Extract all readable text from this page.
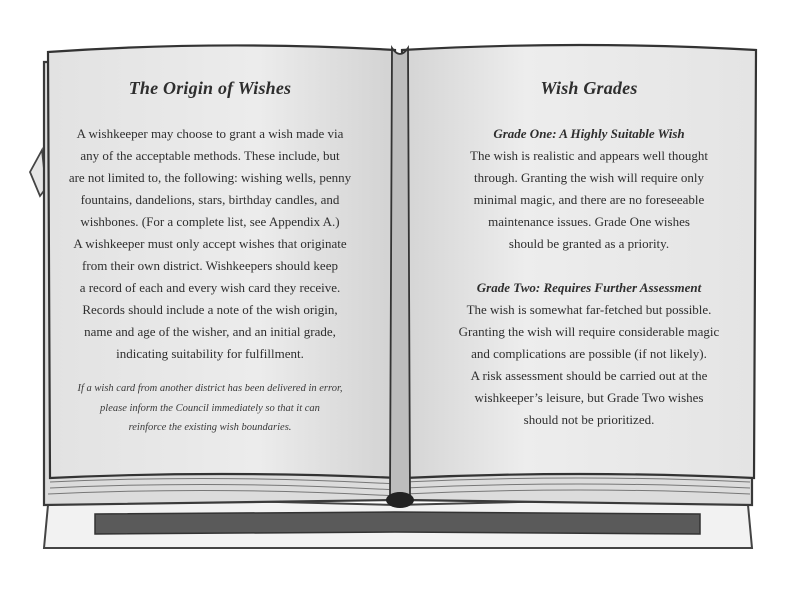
The Origin of Wishes
A wishkeeper may choose to grant a wish made via
any of the acceptable methods. These include, but
are not limited to, the following: wishing wells, penny
fountains, dandelions, stars, birthday candles, and
wishbones. (For a complete list, see Appendix A.)
A wishkeeper must only accept wishes that originate
from their own district. Wishkeepers should keep
a record of each and every wish card they receive.
Records should include a note of the wish origin,
name and age of the wisher, and an initial grade,
indicating suitability for fulfillment.
If a wish card from another district has been delivered in error,
please inform the Council immediately so that it can
reinforce the existing wish boundaries.
Wish Grades
Grade One: A Highly Suitable Wish
The wish is realistic and appears well thought
through. Granting the wish will require only
minimal magic, and there are no foreseeable
maintenance issues. Grade One wishes
should be granted as a priority.
Grade Two: Requires Further Assessment
The wish is somewhat far-fetched but possible.
Granting the wish will require considerable magic
and complications are possible (if not likely).
A risk assessment should be carried out at the
wishkeeper’s leisure, but Grade Two wishes
should not be prioritized.
